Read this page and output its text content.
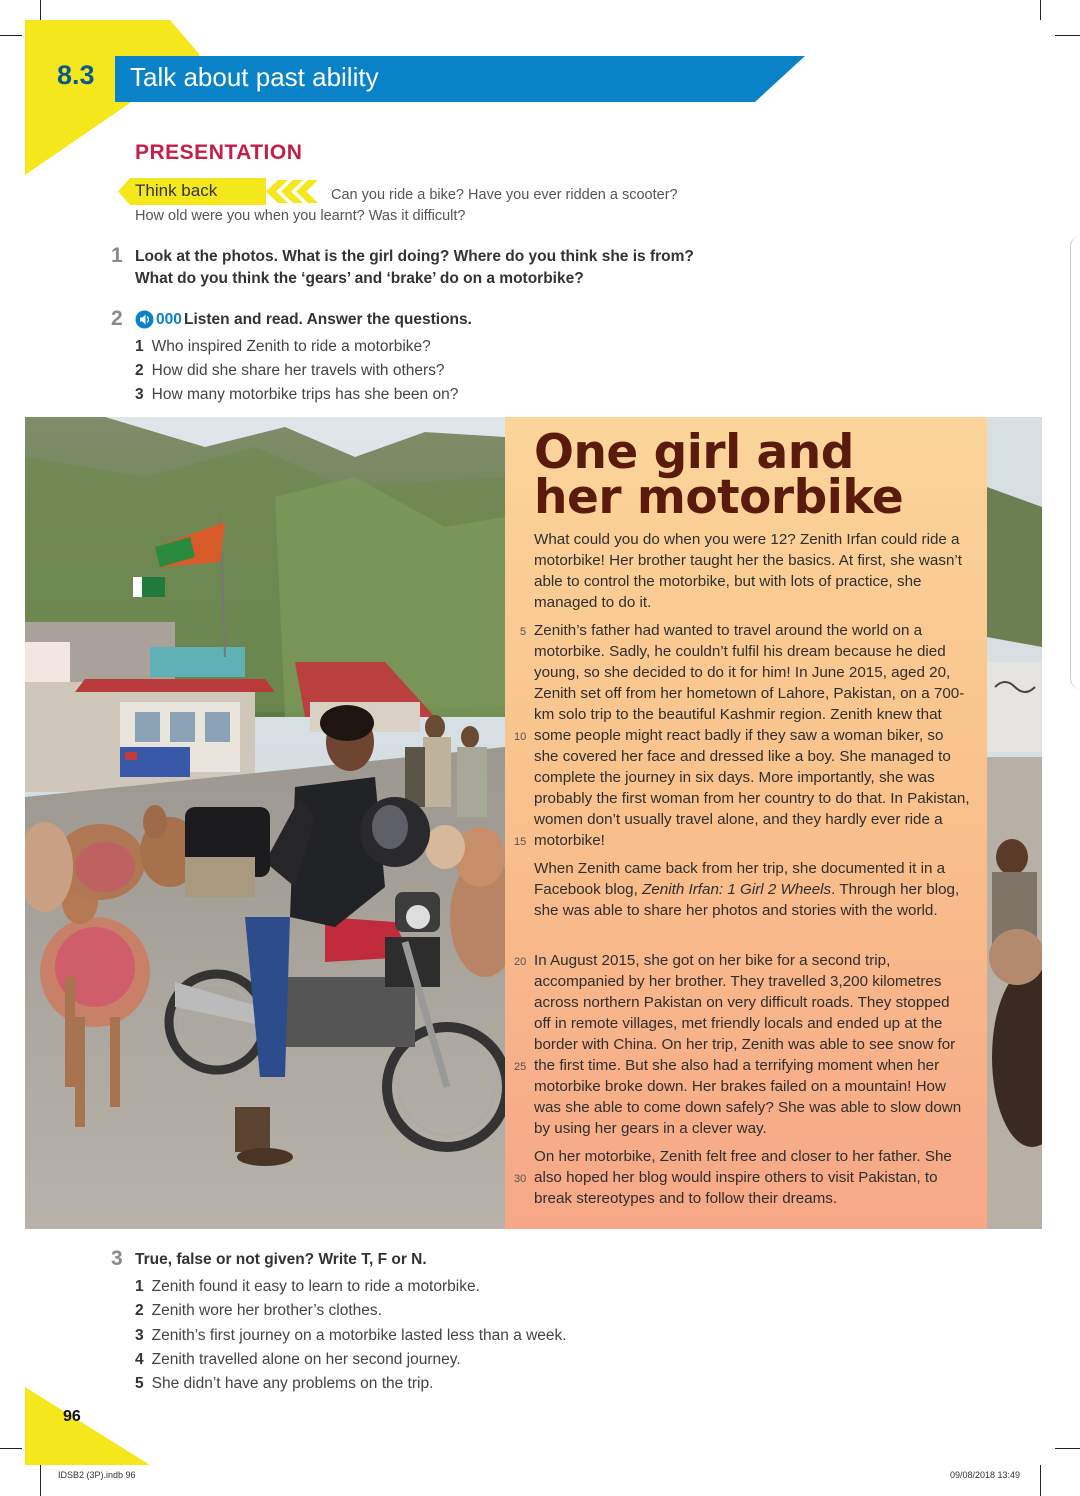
8.3 Talk about past ability
PRESENTATION
Think back	Can you ride a bike? Have you ever ridden a scooter?
How old were you when you learnt? Was it difficult?
1 Look at the photos. What is the girl doing? Where do you think she is from?
What do you think the ‘gears’ and ‘brake’ do on a motorbike?
2 000 Listen and read. Answer the questions.
1 Who inspired Zenith to ride a motorbike?
2 How did she share her travels with others?
3 How many motorbike trips has she been on?
One girl and
her motorbike
What could you do when you were 12? Zenith Irfan could ride a motorbike! Her brother taught her the basics. At first, she wasn’t able to control the motorbike, but with lots of practice, she managed to do it.
Zenith’s father had wanted to travel around the world on a motorbike. Sadly, he couldn’t fulfil his dream because he died young, so she decided to do it for him! In June 2015, aged 20, Zenith set off from her hometown of Lahore, Pakistan, on a 700-km solo trip to the beautiful Kashmir region. Zenith knew that some people might react badly if they saw a woman biker, so she covered her face and dressed like a boy. She managed to complete the journey in six days. More importantly, she was probably the first woman from her country to do that. In Pakistan, women don’t usually travel alone, and they hardly ever ride a motorbike!
When Zenith came back from her trip, she documented it in a Facebook blog, Zenith Irfan: 1 Girl 2 Wheels. Through her blog, she was able to share her photos and stories with the world.
In August 2015, she got on her bike for a second trip, accompanied by her brother. They travelled 3,200 kilometres across northern Pakistan on very difficult roads. They stopped off in remote villages, met friendly locals and ended up at the border with China. On her trip, Zenith was able to see snow for the first time. But she also had a terrifying moment when her motorbike broke down. Her brakes failed on a mountain! How was she able to come down safely? She was able to slow down by using her gears in a clever way.
On her motorbike, Zenith felt free and closer to her father. She also hoped her blog would inspire others to visit Pakistan, to break stereotypes and to follow their dreams.
5
10
15
20
25
30
3 True, false or not given? Write T, F or N.
1 Zenith found it easy to learn to ride a motorbike.
2 Zenith wore her brother’s clothes.
3 Zenith’s first journey on a motorbike lasted less than a week.
4 Zenith travelled alone on her second journey.
5 She didn’t have any problems on the trip.
96
IDSB2 (3P).indb 96	09/08/2018 13:49
